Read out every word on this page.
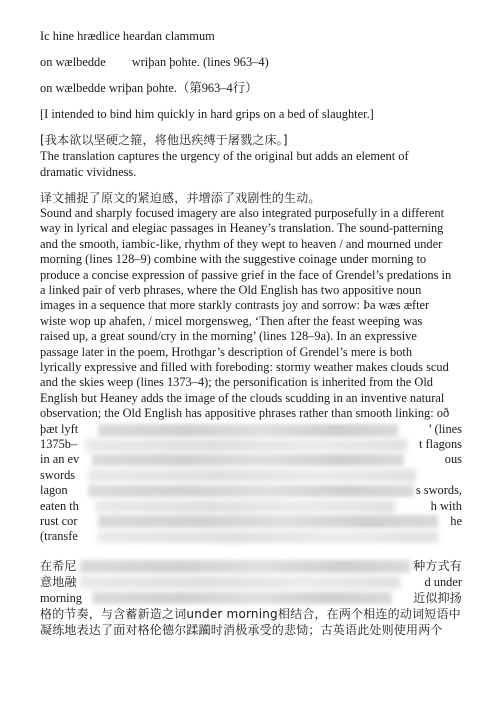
Ic hine hrædlice heardan clammum

on wælbedde wriþan þohte. (lines 963–4)

on wælbedde wriþan þohte.（第963–4行）

[I intended to bind him quickly in hard grips on a bed of slaughter.]

[我本欲以坚硬之箍，将他迅疾缚于屠戮之床。]

The translation captures the urgency of the original but adds an element of

dramatic vividness.

译文捕捉了原文的紧迫感，并增添了戏剧性的生动。

Sound and sharply focused imagery are also integrated purposefully in a different
way in lyrical and elegiac passages in Heaney’s translation. The sound-patterning
and the smooth, iambic-like, rhythm of they wept to heaven / and mourned under
morning (lines 128–9) combine with the suggestive coinage under morning to
produce a concise expression of passive grief in the face of Grendel’s predations in
a linked pair of verb phrases, where the Old English has two appositive noun
images in a sequence that more starkly contrasts joy and sorrow: Þa wæs æfter
wiste wop up ahafen, / micel morgensweg, ‘Then after the feast weeping was
raised up, a great sound/cry in the morning’ (lines 128–9a). In an expressive
passage later in the poem, Hrothgar’s description of Grendel’s mere is both
lyrically expressive and filled with foreboding: stormy weather makes clouds scud
and the skies weep (lines 1373–4); the personification is inherited from the Old
English but Heaney adds the image of the clouds scudding in an inventive natural
observation; the Old English has appositive phrases rather than smooth linking: oð
þæt lyft	’ (lines
1375b–	t flagons
in an ev	ous
swords
lagon	s swords,
eaten th	h with
rust cor	he
(transfe
在希尼	种方式有
意地融	d under
morning	近似抑扬
格的节奏，与含蓄新造之词under morning相结合，在两个相连的动词短语中
凝练地表达了面对格伦德尔蹂躏时消极承受的悲恸；古英语此处则使用两个
